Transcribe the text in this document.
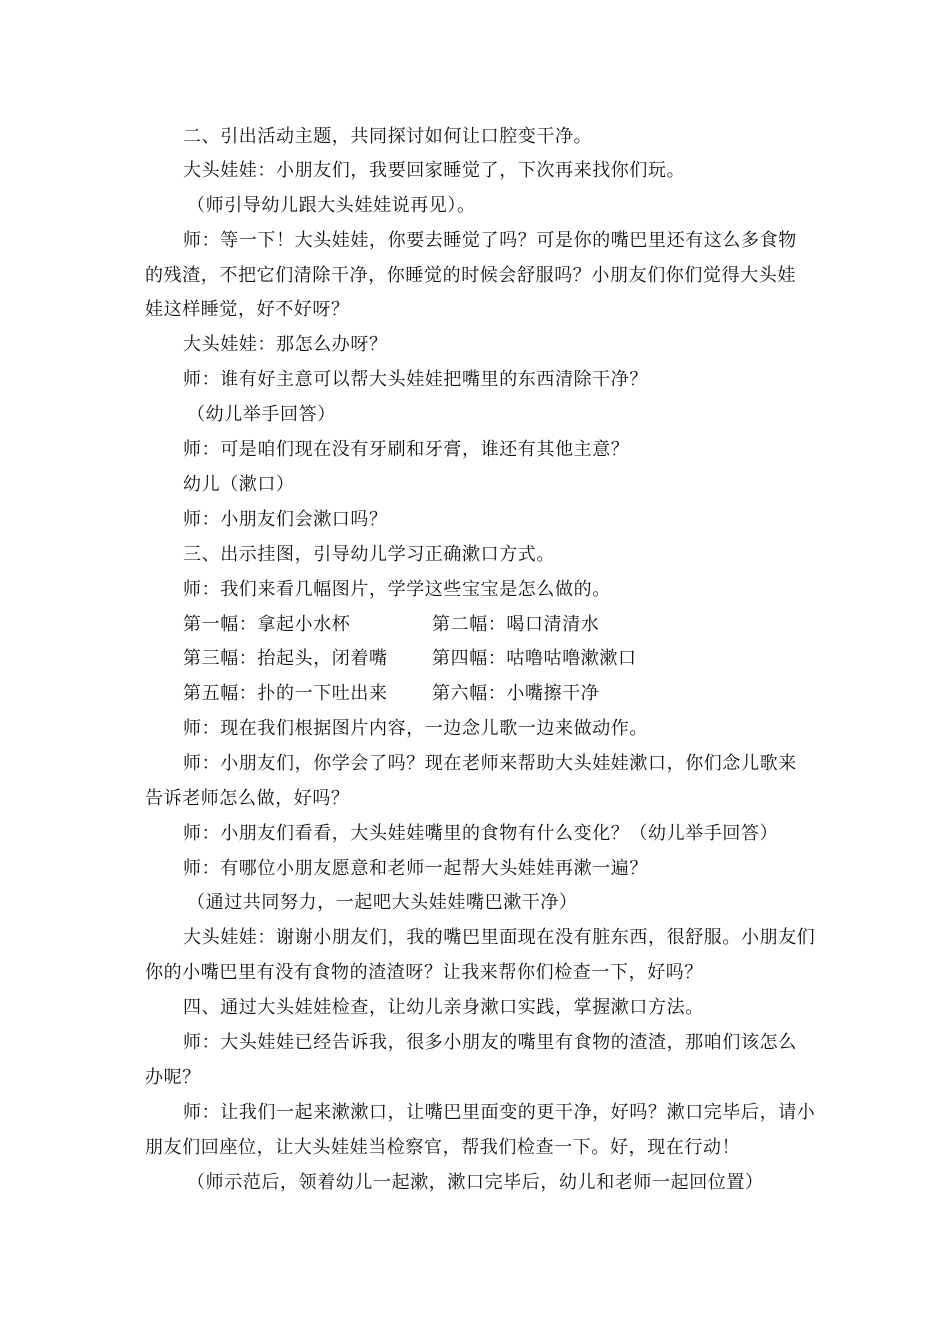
二、引出活动主题，共同探讨如何让口腔变干净。

大头娃娃：小朋友们，我要回家睡觉了，下次再来找你们玩。

（师引导幼儿跟大头娃娃说再见）。

师：等一下！大头娃娃，你要去睡觉了吗？可是你的嘴巴里还有这么多食物

的残渣，不把它们清除干净，你睡觉的时候会舒服吗？小朋友们你们觉得大头娃

娃这样睡觉，好不好呀？

大头娃娃：那怎么办呀？

师：谁有好主意可以帮大头娃娃把嘴里的东西清除干净？

（幼儿举手回答）

师：可是咱们现在没有牙刷和牙膏，谁还有其他主意？

幼儿（漱口）

师：小朋友们会漱口吗？

三、出示挂图，引导幼儿学习正确漱口方式。

师：我们来看几幅图片，学学这些宝宝是怎么做的。

第一幅：拿起小水杯	第二幅：喝口清清水
第三幅：抬起头，闭着嘴	第四幅：咕噜咕噜漱漱口
第五幅：扑的一下吐出来	第六幅：小嘴擦干净

师：现在我们根据图片内容，一边念儿歌一边来做动作。

师：小朋友们，你学会了吗？现在老师来帮助大头娃娃漱口，你们念儿歌来

告诉老师怎么做，好吗？

师：小朋友们看看，大头娃娃嘴里的食物有什么变化？（幼儿举手回答）

师：有哪位小朋友愿意和老师一起帮大头娃娃再漱一遍？

（通过共同努力，一起吧大头娃娃嘴巴漱干净）

大头娃娃：谢谢小朋友们，我的嘴巴里面现在没有脏东西，很舒服。小朋友们

你的小嘴巴里有没有食物的渣渣呀？让我来帮你们检查一下，好吗？

四、通过大头娃娃检查，让幼儿亲身漱口实践，掌握漱口方法。

师：大头娃娃已经告诉我，很多小朋友的嘴里有食物的渣渣，那咱们该怎么

办呢？

师：让我们一起来漱漱口，让嘴巴里面变的更干净，好吗？漱口完毕后，请小

朋友们回座位，让大头娃娃当检察官，帮我们检查一下。好，现在行动！

（师示范后，领着幼儿一起漱，漱口完毕后，幼儿和老师一起回位置）
